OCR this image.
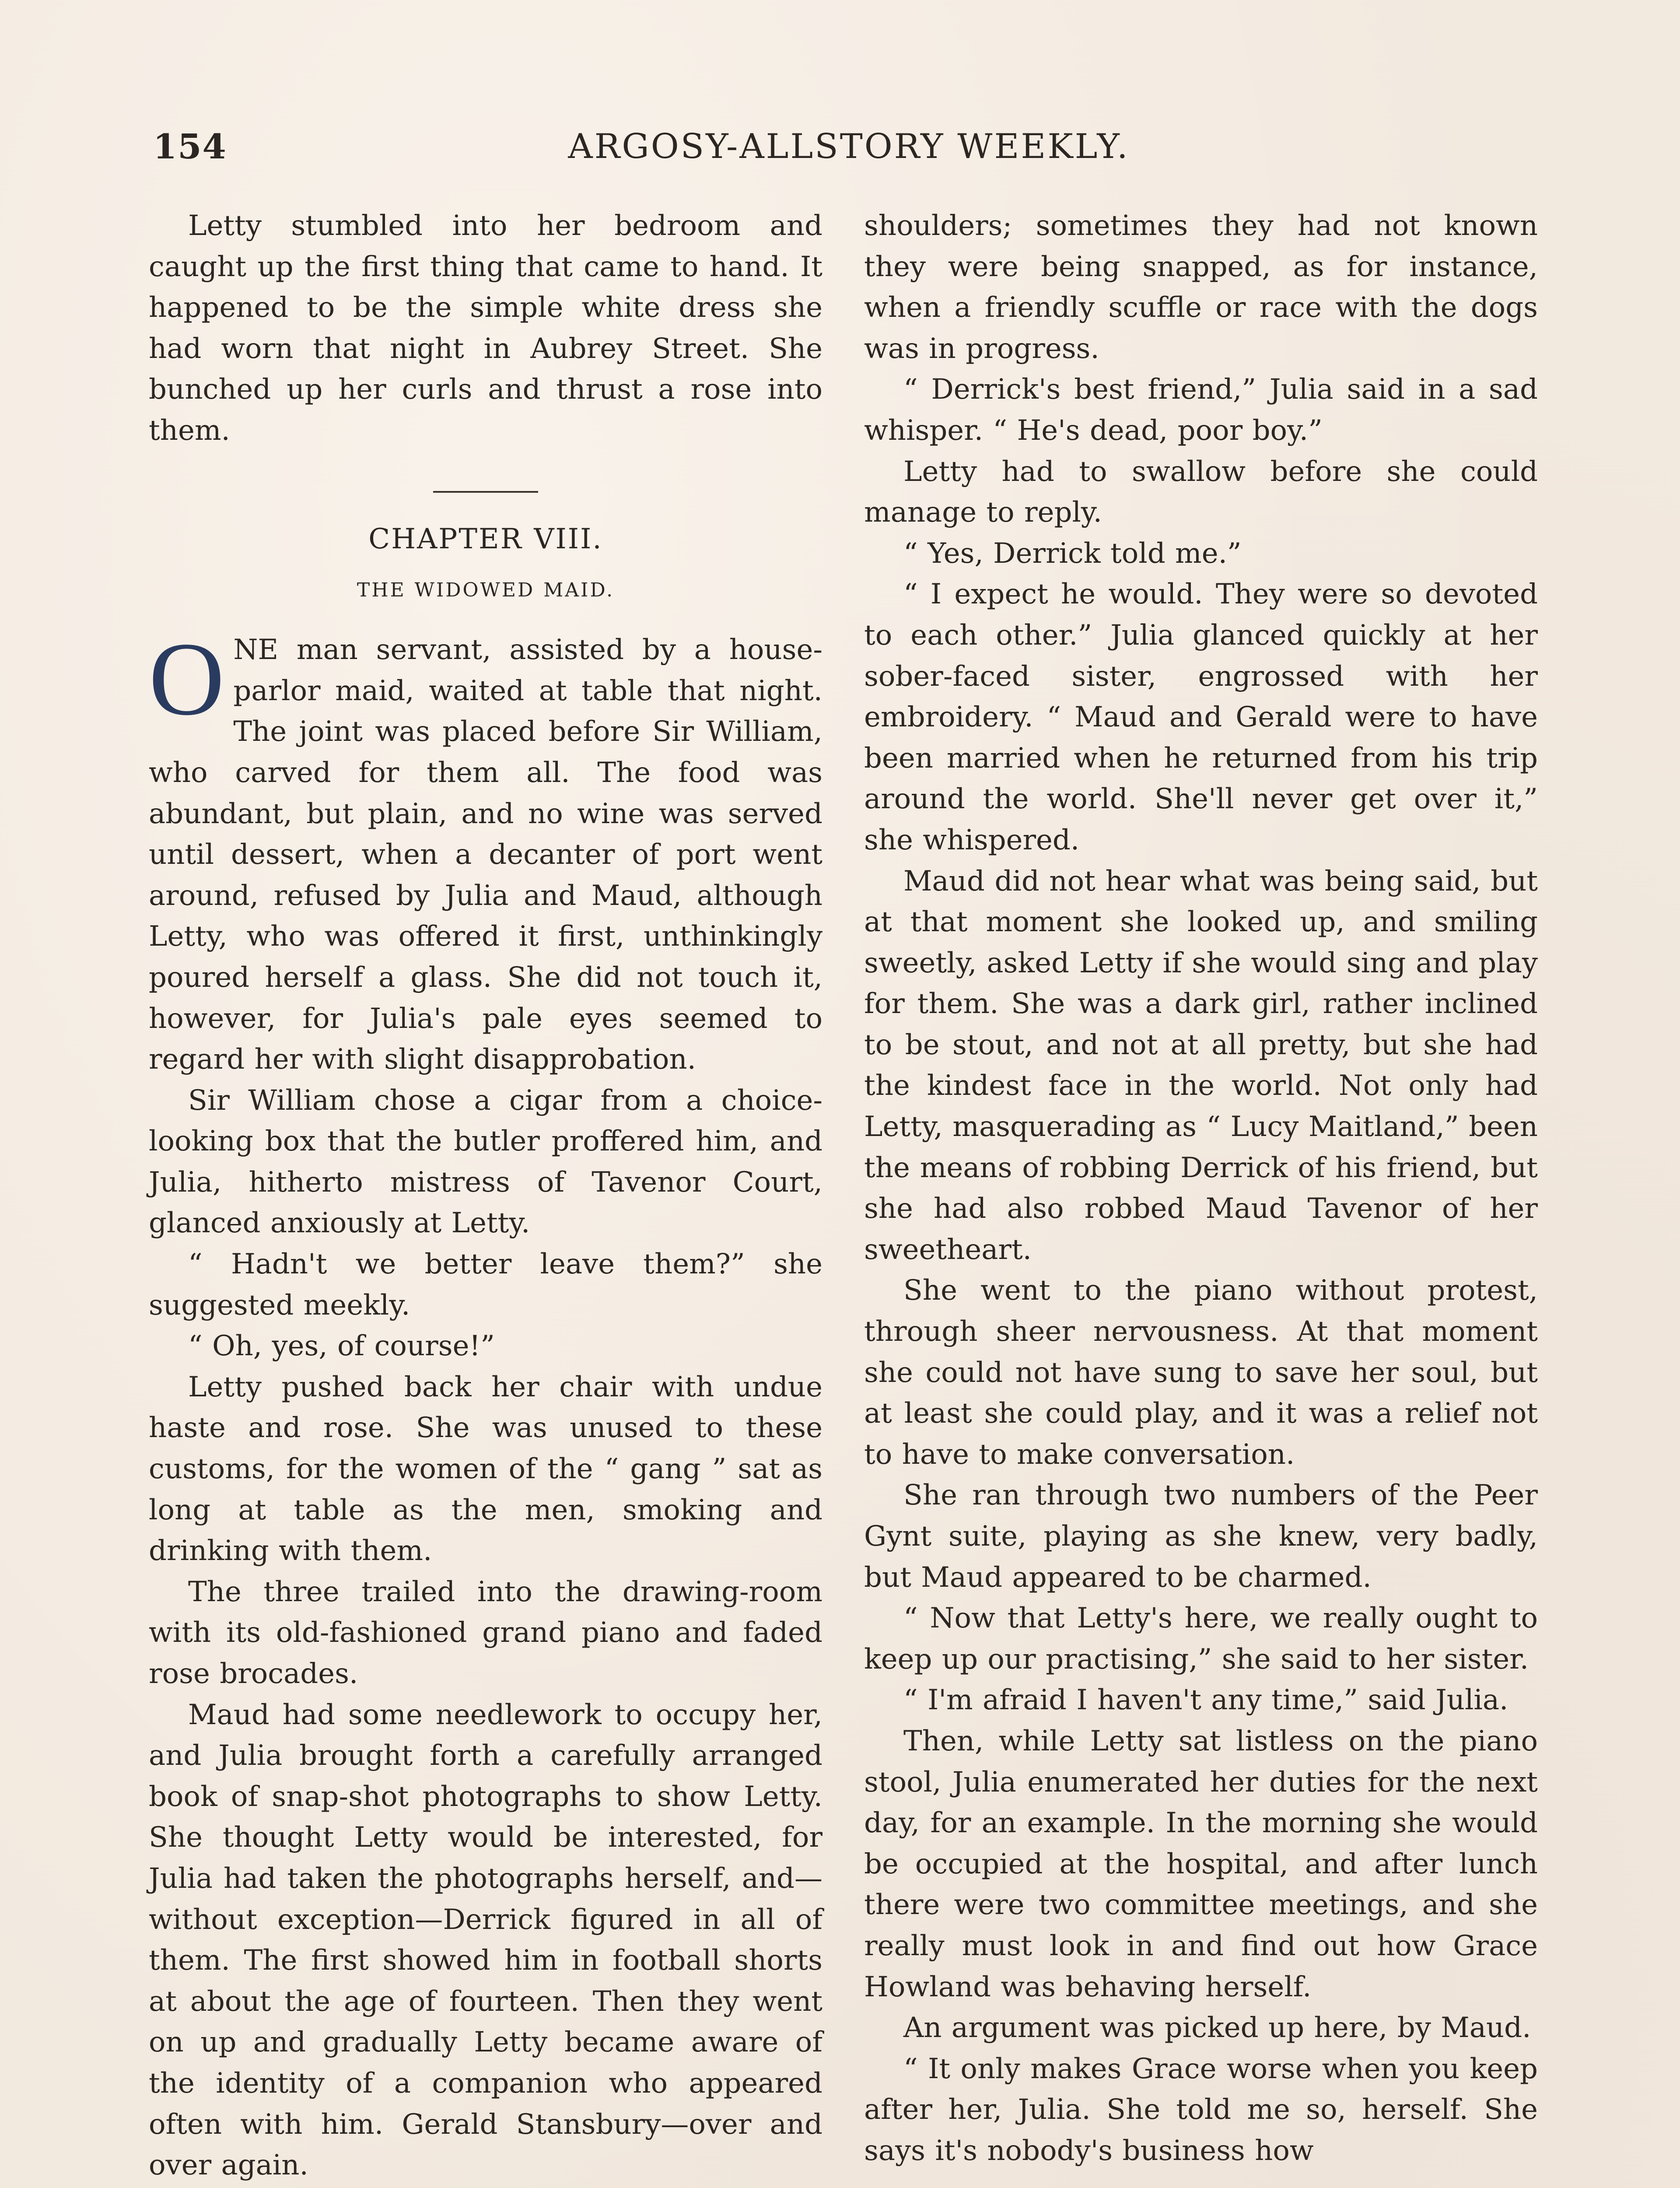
154	ARGOSY-ALLSTORY WEEKLY.

Letty stumbled into her bedroom and caught up the first thing that came to hand. It happened to be the simple white dress she had worn that night in Aubrey Street. She bunched up her curls and thrust a rose into them.

CHAPTER VIII.
THE WIDOWED MAID.

ONE man servant, assisted by a house-parlor maid, waited at table that night. The joint was placed before Sir William, who carved for them all. The food was abundant, but plain, and no wine was served until dessert, when a decanter of port went around, refused by Julia and Maud, although Letty, who was offered it first, unthinkingly poured herself a glass. She did not touch it, however, for Julia's pale eyes seemed to regard her with slight disapprobation.

Sir William chose a cigar from a choice-looking box that the butler proffered him, and Julia, hitherto mistress of Tavenor Court, glanced anxiously at Letty.

“ Hadn't we better leave them?” she suggested meekly.

“ Oh, yes, of course!”

Letty pushed back her chair with undue haste and rose. She was unused to these customs, for the women of the “ gang ” sat as long at table as the men, smoking and drinking with them.

The three trailed into the drawing-room with its old-fashioned grand piano and faded rose brocades.

Maud had some needlework to occupy her, and Julia brought forth a carefully arranged book of snap-shot photographs to show Letty. She thought Letty would be interested, for Julia had taken the photographs herself, and—without exception—Derrick figured in all of them. The first showed him in football shorts at about the age of fourteen. Then they went on up and gradually Letty became aware of the identity of a companion who appeared often with him. Gerald Stansbury—over and over again.

shoulders; sometimes they had not known they were being snapped, as for instance, when a friendly scuffle or race with the dogs was in progress.

“ Derrick's best friend,” Julia said in a sad whisper. “ He's dead, poor boy.”

Letty had to swallow before she could manage to reply.

“ Yes, Derrick told me.”

“ I expect he would. They were so devoted to each other.” Julia glanced quickly at her sober-faced sister, engrossed with her embroidery. “ Maud and Gerald were to have been married when he returned from his trip around the world. She'll never get over it,” she whispered.

Maud did not hear what was being said, but at that moment she looked up, and smiling sweetly, asked Letty if she would sing and play for them. She was a dark girl, rather inclined to be stout, and not at all pretty, but she had the kindest face in the world. Not only had Letty, masquerading as “ Lucy Maitland,” been the means of robbing Derrick of his friend, but she had also robbed Maud Tavenor of her sweetheart.

She went to the piano without protest, through sheer nervousness. At that moment she could not have sung to save her soul, but at least she could play, and it was a relief not to have to make conversation.

She ran through two numbers of the Peer Gynt suite, playing as she knew, very badly, but Maud appeared to be charmed.

“ Now that Letty's here, we really ought to keep up our practising,” she said to her sister.

“ I'm afraid I haven't any time,” said Julia.

Then, while Letty sat listless on the piano stool, Julia enumerated her duties for the next day, for an example. In the morning she would be occupied at the hospital, and after lunch there were two committee meetings, and she really must look in and find out how Grace Howland was behaving herself.

An argument was picked up here, by Maud.

“ It only makes Grace worse when you keep after her, Julia. She told me so, herself. She says it's nobody's business how
